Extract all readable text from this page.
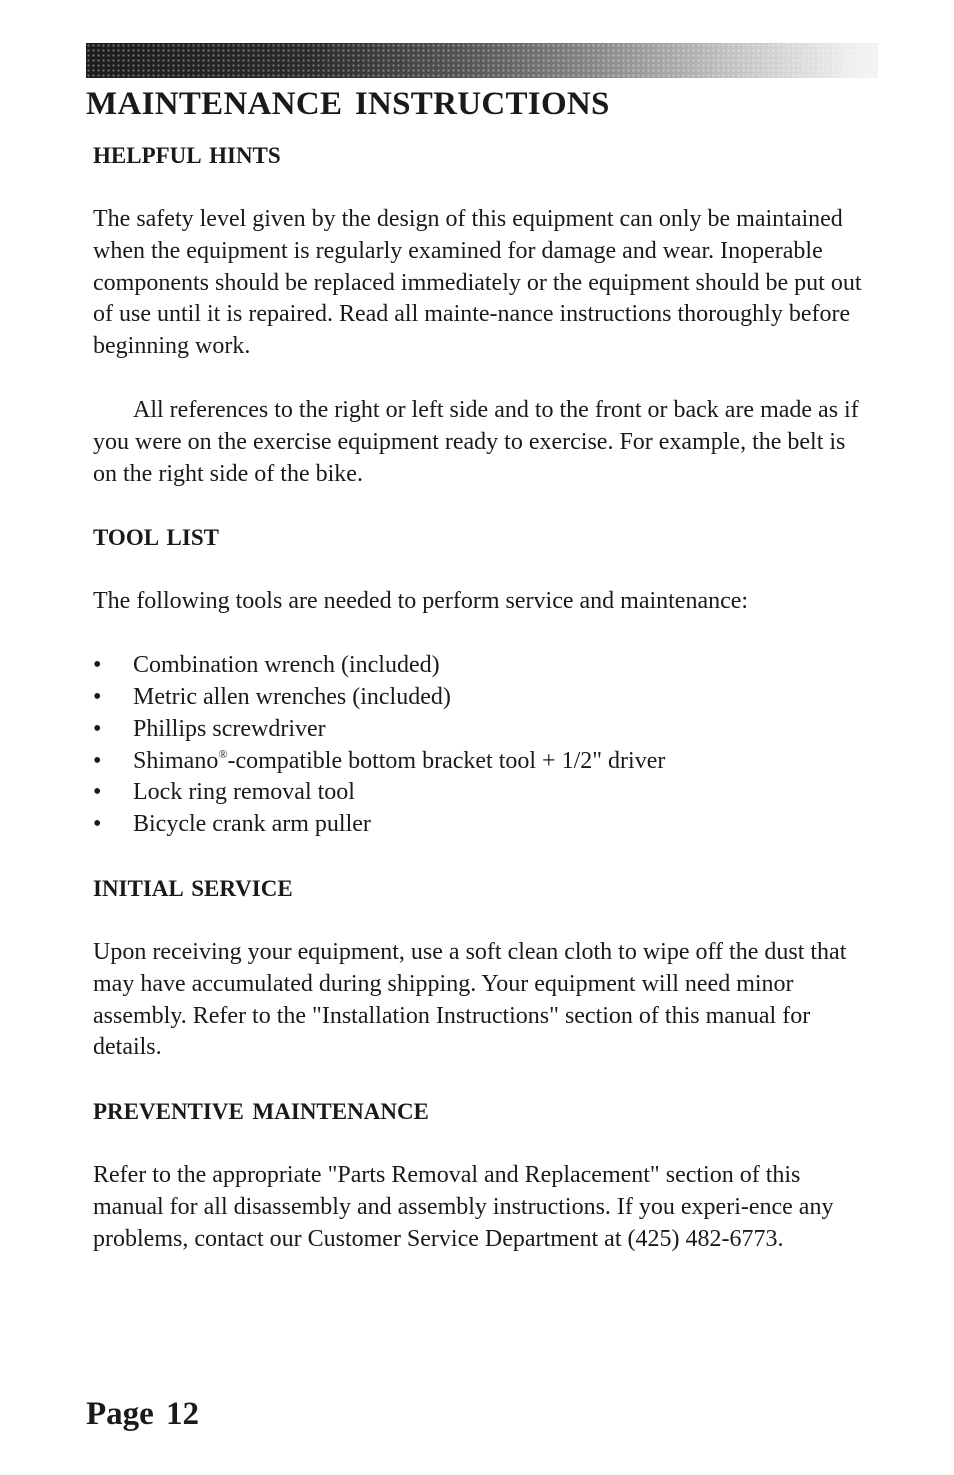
MAINTENANCE INSTRUCTIONS
HELPFUL HINTS

The safety level given by the design of this equipment can only be maintained when the equipment is regularly examined for damage and wear. Inoperable components should be replaced immediately or the equipment should be put out of use until it is repaired. Read all mainte-nance instructions thoroughly before beginning work.

All references to the right or left side and to the front or back are made as if you were on the exercise equipment ready to exercise. For example, the belt is on the right side of the bike.

TOOL LIST

The following tools are needed to perform service and maintenance:

• Combination wrench (included)
• Metric allen wrenches (included)
• Phillips screwdriver
• Shimano®-compatible bottom bracket tool + 1/2" driver
• Lock ring removal tool
• Bicycle crank arm puller
INITIAL SERVICE

Upon receiving your equipment, use a soft clean cloth to wipe off the dust that may have accumulated during shipping. Your equipment will need minor assembly. Refer to the "Installation Instructions" section of this manual for details.

PREVENTIVE MAINTENANCE

Refer to the appropriate "Parts Removal and Replacement" section of this manual for all disassembly and assembly instructions. If you experi-ence any problems, contact our Customer Service Department at (425) 482-6773.

Page 12
